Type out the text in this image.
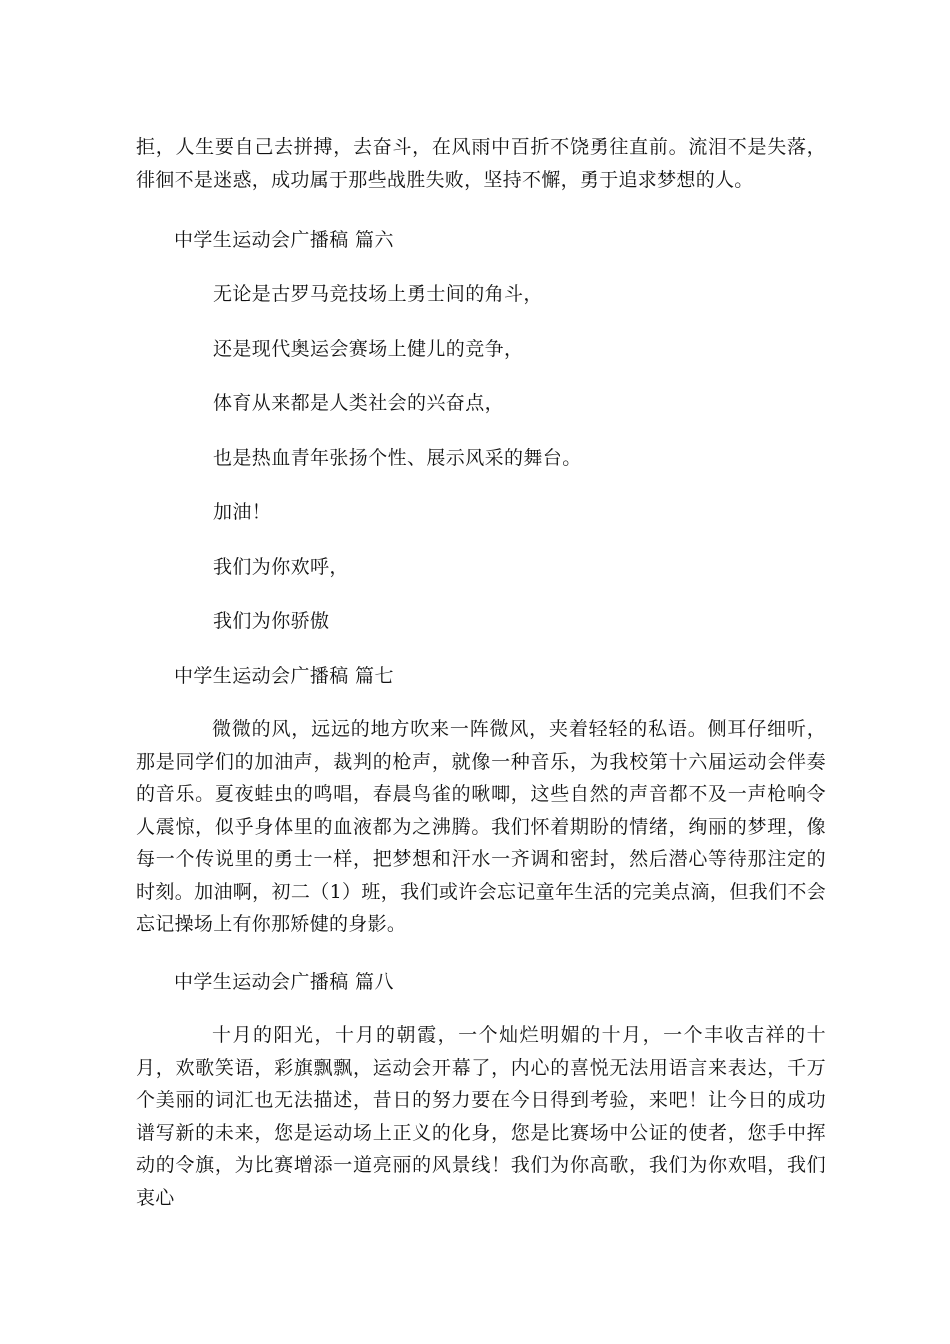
拒，人生要自己去拼搏，去奋斗，在风雨中百折不饶勇往直前。流泪不是失落，徘徊不是迷惑，成功属于那些战胜失败，坚持不懈，勇于追求梦想的人。
中学生运动会广播稿 篇六
无论是古罗马竞技场上勇士间的角斗，
还是现代奥运会赛场上健儿的竞争，
体育从来都是人类社会的兴奋点，
也是热血青年张扬个性、展示风采的舞台。
加油！
我们为你欢呼，
我们为你骄傲
中学生运动会广播稿 篇七
微微的风，远远的地方吹来一阵微风，夹着轻轻的私语。侧耳仔细听，那是同学们的加油声，裁判的枪声，就像一种音乐，为我校第十六届运动会伴奏的音乐。夏夜蛙虫的鸣唱，春晨鸟雀的啾唧，这些自然的声音都不及一声枪响令人震惊，似乎身体里的血液都为之沸腾。我们怀着期盼的情绪，绚丽的梦理，像每一个传说里的勇士一样，把梦想和汗水一齐调和密封，然后潜心等待那注定的时刻。加油啊，初二（1）班，我们或许会忘记童年生活的完美点滴，但我们不会忘记操场上有你那矫健的身影。
中学生运动会广播稿 篇八
十月的阳光，十月的朝霞，一个灿烂明媚的十月，一个丰收吉祥的十月，欢歌笑语，彩旗飘飘，运动会开幕了，内心的喜悦无法用语言来表达，千万个美丽的词汇也无法描述，昔日的努力要在今日得到考验，来吧！让今日的成功谱写新的未来，您是运动场上正义的化身，您是比赛场中公证的使者，您手中挥动的令旗，为比赛增添一道亮丽的风景线！我们为你高歌，我们为你欢唱，我们衷心
